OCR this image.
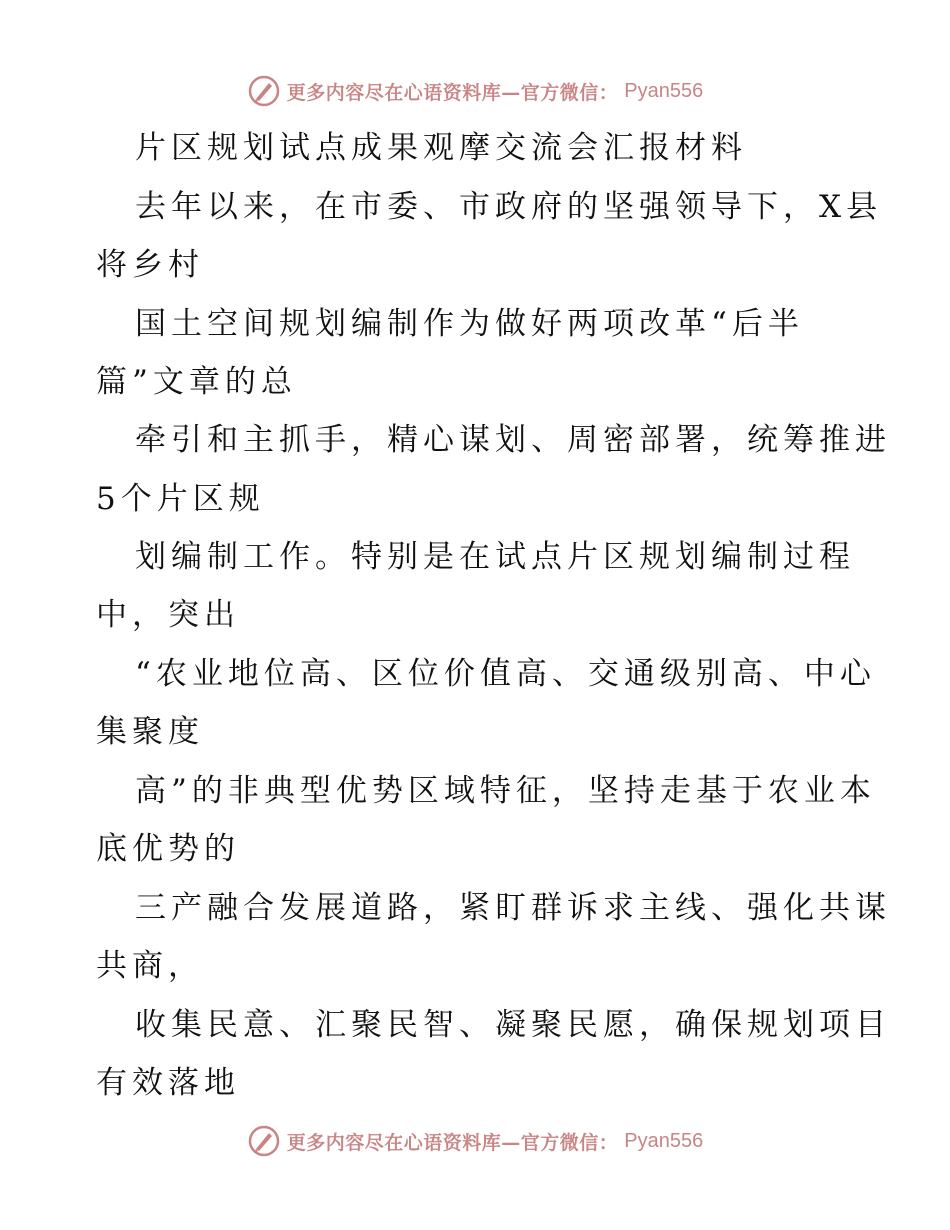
更多内容尽在心语资料库—官方微信： Pyan556
片区规划试点成果观摩交流会汇报材料
去年以来，在市委、市政府的坚强领导下，X县
将乡村
国土空间规划编制作为做好两项改革“后半
篇”文章的总
牵引和主抓手，精心谋划、周密部署，统筹推进
5个片区规
划编制工作。特别是在试点片区规划编制过程
中，突出
“农业地位高、区位价值高、交通级别高、中心
集聚度
高”的非典型优势区域特征，坚持走基于农业本
底优势的
三产融合发展道路，紧盯群诉求主线、强化共谋
共商，
收集民意、汇聚民智、凝聚民愿，确保规划项目
有效落地
更多内容尽在心语资料库—官方微信： Pyan556
